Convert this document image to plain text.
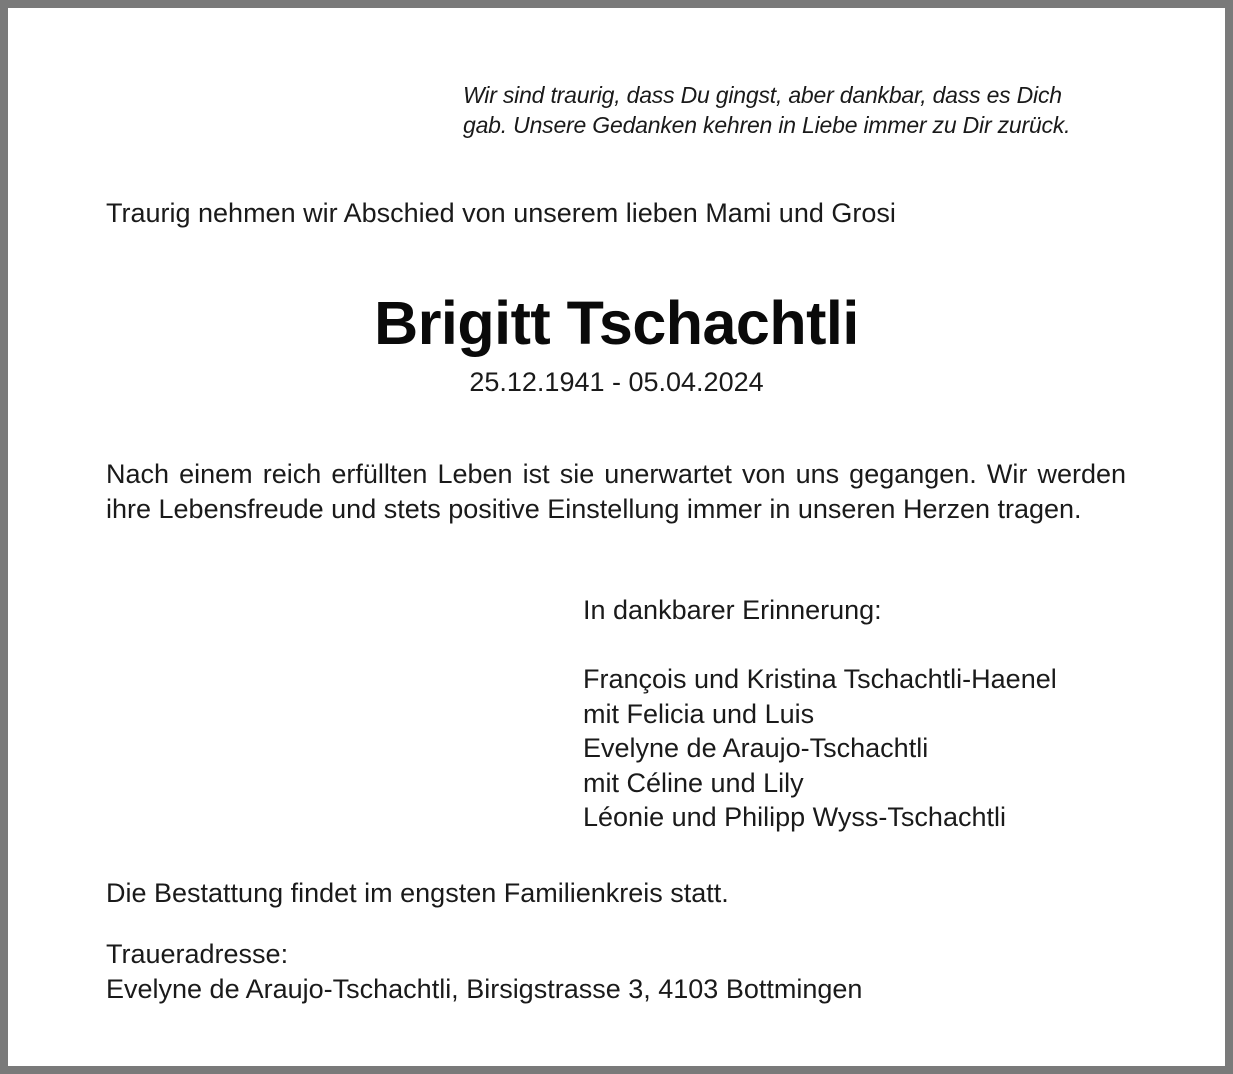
Wir sind traurig, dass Du gingst, aber dankbar, dass es Dich
gab. Unsere Gedanken kehren in Liebe immer zu Dir zurück.
Traurig nehmen wir Abschied von unserem lieben Mami und Grosi
Brigitt Tschachtli
25.12.1941 - 05.04.2024
Nach einem reich erfüllten Leben ist sie unerwartet von uns gegangen. Wir werden ihre Lebensfreude und stets positive Einstellung immer in unseren Herzen tragen.
In dankbarer Erinnerung:
François und Kristina Tschachtli-Haenel
mit Felicia und Luis
Evelyne de Araujo-Tschachtli
mit Céline und Lily
Léonie und Philipp Wyss-Tschachtli
Die Bestattung findet im engsten Familienkreis statt.
Traueradresse:
Evelyne de Araujo-Tschachtli, Birsigstrasse 3, 4103 Bottmingen
